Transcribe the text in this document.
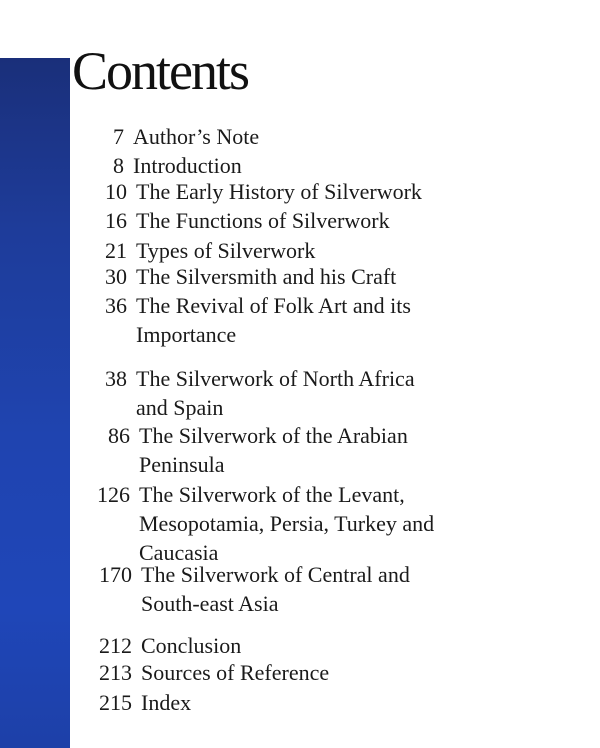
Contents
7 Author’s Note
8 Introduction
10 The Early History of Silverwork
16 The Functions of Silverwork
21 Types of Silverwork
30 The Silversmith and his Craft
36 The Revival of Folk Art and its
Importance
38 The Silverwork of North Africa
and Spain
86 The Silverwork of the Arabian
Peninsula
126 The Silverwork of the Levant,
Mesopotamia, Persia, Turkey and
Caucasia
170 The Silverwork of Central and
South-east Asia
212 Conclusion
213 Sources of Reference
215 Index
